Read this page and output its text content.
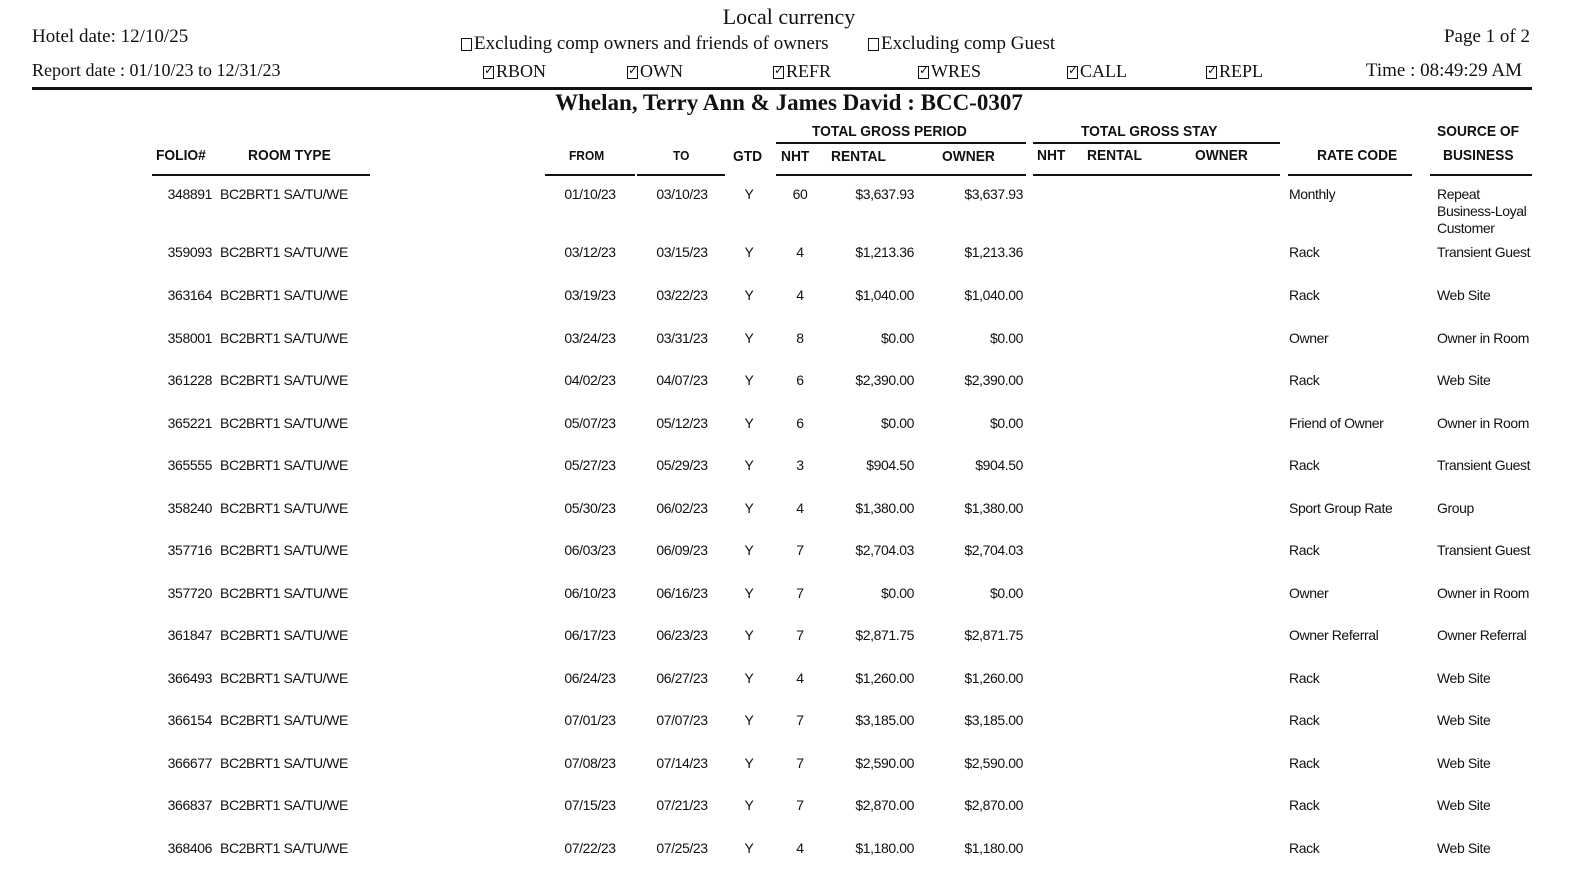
Local currency
Hotel date: 12/10/25
Report date : 01/10/23 to 12/31/23
Page 1 of 2
Time : 08:49:29 AM
Excluding comp owners and friends of owners	Excluding comp Guest
✓RBON ✓	OWN ✓	REFR ✓	WRES ✓	CALL ✓	REPL
Whelan, Terry Ann & James David : BCC-0307
FOLIO#	ROOM TYPE	FROM	TO	GTD
TOTAL GROSS PERIOD
NHT RENTAL	OWNER
TOTAL GROSS STAY
NHT RENTAL	OWNER	RATE CODE
SOURCE OF
BUSINESS
348891 BC2BRT1 SA/TU/WE	01/10/23	03/10/23	Y	60	$3,637.93	$3,637.93	Monthly	Repeat Business-Loyal Customer
359093 BC2BRT1 SA/TU/WE	03/12/23	03/15/23	Y	4	$1,213.36	$1,213.36	Rack	Transient Guest
363164 BC2BRT1 SA/TU/WE	03/19/23	03/22/23	Y	4	$1,040.00	$1,040.00	Rack	Web Site
358001 BC2BRT1 SA/TU/WE	03/24/23	03/31/23	Y	8	$0.00	$0.00	Owner	Owner in Room
361228 BC2BRT1 SA/TU/WE	04/02/23	04/07/23	Y	6	$2,390.00	$2,390.00	Rack	Web Site
365221 BC2BRT1 SA/TU/WE	05/07/23	05/12/23	Y	6	$0.00	$0.00	Friend of Owner	Owner in Room
365555 BC2BRT1 SA/TU/WE	05/27/23	05/29/23	Y	3	$904.50	$904.50	Rack	Transient Guest
358240 BC2BRT1 SA/TU/WE	05/30/23	06/02/23	Y	4	$1,380.00	$1,380.00	Sport Group Rate	Group
357716 BC2BRT1 SA/TU/WE	06/03/23	06/09/23	Y	7	$2,704.03	$2,704.03	Rack	Transient Guest
357720 BC2BRT1 SA/TU/WE	06/10/23	06/16/23	Y	7	$0.00	$0.00	Owner	Owner in Room
361847 BC2BRT1 SA/TU/WE	06/17/23	06/23/23	Y	7	$2,871.75	$2,871.75	Owner Referral	Owner Referral
366493 BC2BRT1 SA/TU/WE	06/24/23	06/27/23	Y	4	$1,260.00	$1,260.00	Rack	Web Site
366154 BC2BRT1 SA/TU/WE	07/01/23	07/07/23	Y	7	$3,185.00	$3,185.00	Rack	Web Site
366677 BC2BRT1 SA/TU/WE	07/08/23	07/14/23	Y	7	$2,590.00	$2,590.00	Rack	Web Site
366837 BC2BRT1 SA/TU/WE	07/15/23	07/21/23	Y	7	$2,870.00	$2,870.00	Rack	Web Site
368406 BC2BRT1 SA/TU/WE	07/22/23	07/25/23	Y	4	$1,180.00	$1,180.00	Rack	Web Site
